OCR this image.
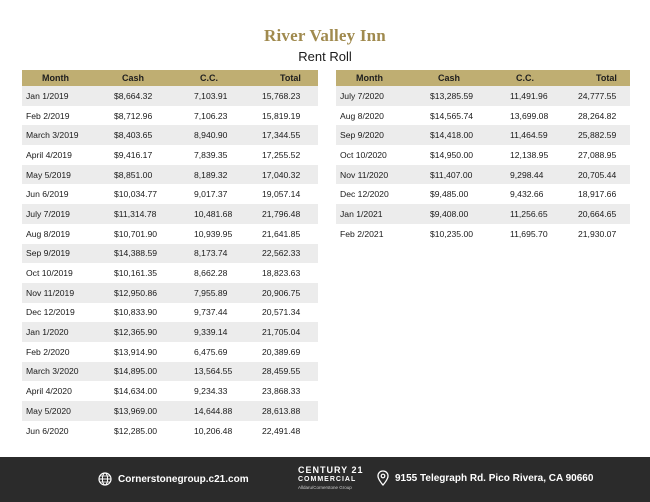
River Valley Inn
Rent Roll
Month	Cash	C.C.	Total
Jan 1/2019	$8,664.32	7,103.91	15,768.23
Feb 2/2019	$8,712.96	7,106.23	15,819.19
March 3/2019	$8,403.65	8,940.90	17,344.55
April 4/2019	$9,416.17	7,839.35	17,255.52
May 5/2019	$8,851.00	8,189.32	17,040.32
Jun 6/2019	$10,034.77	9,017.37	19,057.14
July 7/2019	$11,314.78	10,481.68	21,796.48
Aug 8/2019	$10,701.90	10,939.95	21,641.85
Sep 9/2019	$14,388.59	8,173.74	22,562.33
Oct 10/2019	$10,161.35	8,662.28	18,823.63
Nov 11/2019	$12,950.86	7,955.89	20,906.75
Dec 12/2019	$10,833.90	9,737.44	20,571.34
Jan 1/2020	$12,365.90	9,339.14	21,705.04
Feb 2/2020	$13,914.90	6,475.69	20,389.69
March 3/2020	$14,895.00	13,564.55	28,459.55
April 4/2020	$14,634.00	9,234.33	23,868.33
May 5/2020	$13,969.00	14,644.88	28,613.88
Jun 6/2020	$12,285.00	10,206.48	22,491.48
Month	Cash	C.C.	Total
July 7/2020	$13,285.59	11,491.96	24,777.55
Aug 8/2020	$14,565.74	13,699.08	28,264.82
Sep 9/2020	$14,418.00	11,464.59	25,882.59
Oct 10/2020	$14,950.00	12,138.95	27,088.95
Nov 11/2020	$11,407.00	9,298.44	20,705.44
Dec 12/2020	$9,485.00	9,432.66	18,917.66
Jan 1/2021	$9,408.00	11,256.65	20,664.65
Feb 2/2021	$10,235.00	11,695.70	21,930.07
Cornerstonegroup.c21.com
CENTURY 21
COMMERCIAL
Alldaru/Cornerstone Group
9155 Telegraph Rd. Pico Rivera, CA 90660
